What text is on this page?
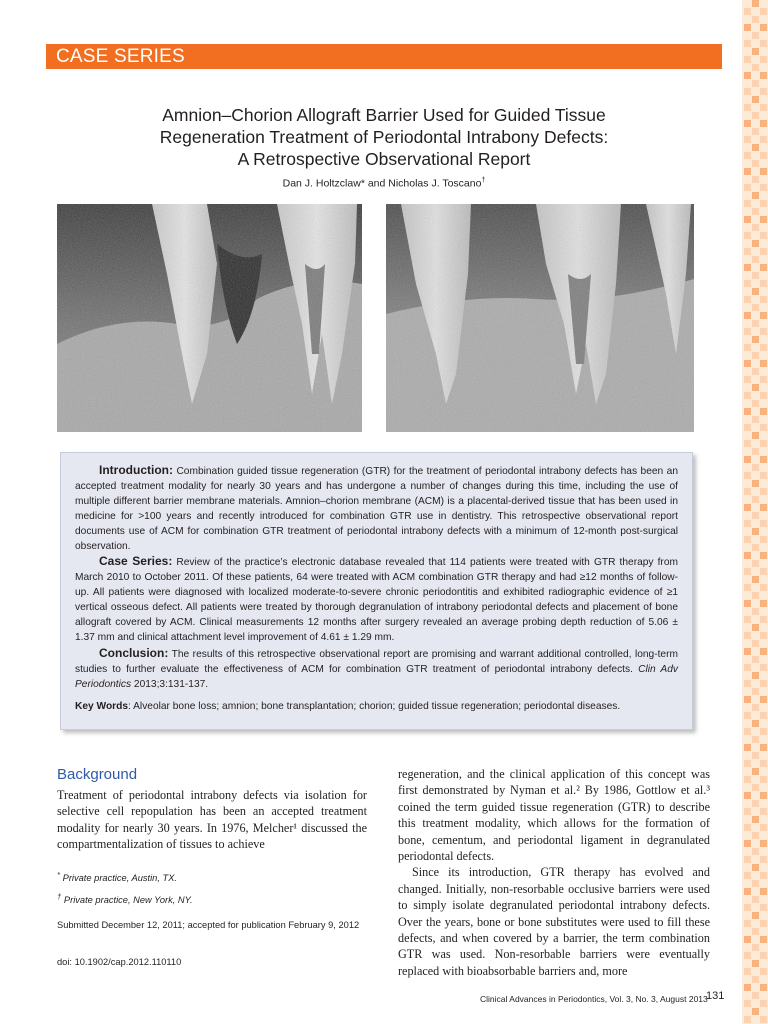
CASE SERIES
Amnion–Chorion Allograft Barrier Used for Guided Tissue
Regeneration Treatment of Periodontal Intrabony Defects:
A Retrospective Observational Report
Dan J. Holtzclaw* and Nicholas J. Toscano†

Introduction: Combination guided tissue regeneration (GTR) for the treatment of periodontal intrabony defects has been an accepted treatment modality for nearly 30 years and has undergone a number of changes during this time, including the use of multiple different barrier membrane materials. Amnion–chorion membrane (ACM) is a placental-derived tissue that has been used in medicine for >100 years and recently introduced for combination GTR use in dentistry. This retrospective observational report documents use of ACM for combination GTR treatment of periodontal intrabony defects with a minimum of 12-month post-surgical observation.

Case Series: Review of the practice’s electronic database revealed that 114 patients were treated with GTR therapy from March 2010 to October 2011. Of these patients, 64 were treated with ACM combination GTR therapy and had ≥12 months of follow-up. All patients were diagnosed with localized moderate-to-severe chronic periodontitis and exhibited radiographic evidence of ≥1 vertical osseous defect. All patients were treated by thorough degranulation of intrabony periodontal defects and placement of bone allograft covered by ACM. Clinical measurements 12 months after surgery revealed an average probing depth reduction of 5.06 ± 1.37 mm and clinical attachment level improvement of 4.61 ± 1.29 mm.

Conclusion: The results of this retrospective observational report are promising and warrant additional controlled, long-term studies to further evaluate the effectiveness of ACM for combination GTR treatment of periodontal intrabony defects. Clin Adv Periodontics 2013;3:131-137.

Key Words: Alveolar bone loss; amnion; bone transplantation; chorion; guided tissue regeneration; periodontal diseases.

Background

Treatment of periodontal intrabony defects via isolation for selective cell repopulation has been an accepted treatment modality for nearly 30 years. In 1976, Melcher¹ discussed the compartmentalization of tissues to achieve

* Private practice, Austin, TX.
† Private practice, New York, NY.
Submitted December 12, 2011; accepted for publication February 9, 2012
doi: 10.1902/cap.2012.110110

regeneration, and the clinical application of this concept was first demonstrated by Nyman et al.² By 1986, Gottlow et al.³ coined the term guided tissue regeneration (GTR) to describe this treatment modality, which allows for the formation of bone, cementum, and periodontal ligament in degranulated periodontal defects.

Since its introduction, GTR therapy has evolved and changed. Initially, non-resorbable occlusive barriers were used to simply isolate degranulated periodontal intrabony defects. Over the years, bone or bone substitutes were used to fill these defects, and when covered by a barrier, the term combination GTR was used. Non-resorbable barriers were eventually replaced with bioabsorbable barriers and, more

Clinical Advances in Periodontics, Vol. 3, No. 3, August 2013
131
